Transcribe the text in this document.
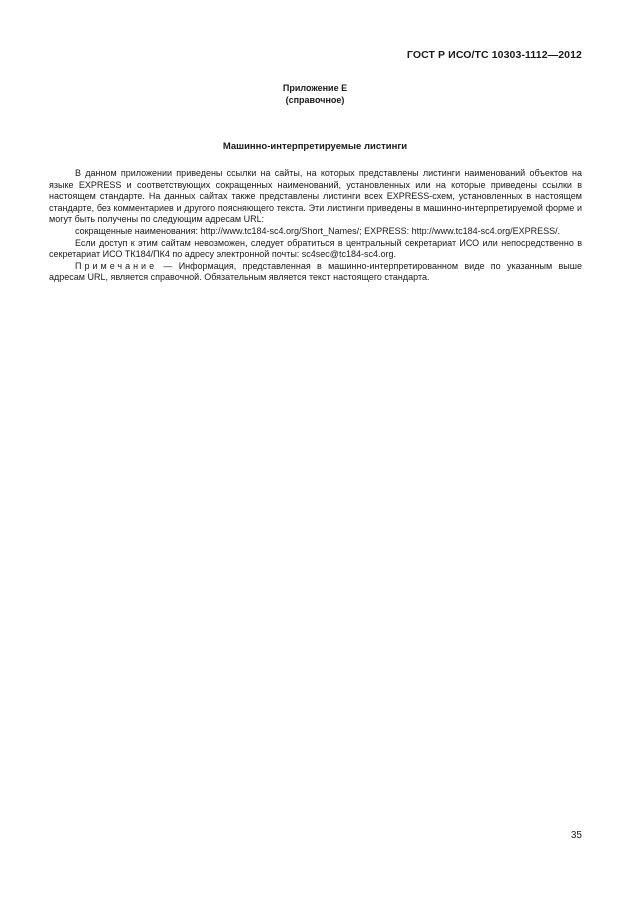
ГОСТ Р ИСО/ТС 10303-1112—2012
Приложение Е
(справочное)
Машинно-интерпретируемые листинги

В данном приложении приведены ссылки на сайты, на которых представлены листинги наименований объектов на языке EXPRESS и соответствующих сокращенных наименований, установленных или на которые приведены ссылки в настоящем стандарте. На данных сайтах также представлены листинги всех EXPRESS-схем, установленных в настоящем стандарте, без комментариев и другого поясняющего текста. Эти листинги приведены в машинно-интерпретируемой форме и могут быть получены по следующим адресам URL:

сокращенные наименования: http://www.tc184-sc4.org/Short_Names/; EXPRESS: http://www.tc184-sc4.org/EXPRESS/.

Если доступ к этим сайтам невозможен, следует обратиться в центральный секретариат ИСО или непосредственно в секретариат ИСО ТК184/ПК4 по адресу электронной почты: sc4sec@tc184-sc4.org.

Примечание — Информация, представленная в машинно-интерпретированном виде по указанным выше адресам URL, является справочной. Обязательным является текст настоящего стандарта.

35
